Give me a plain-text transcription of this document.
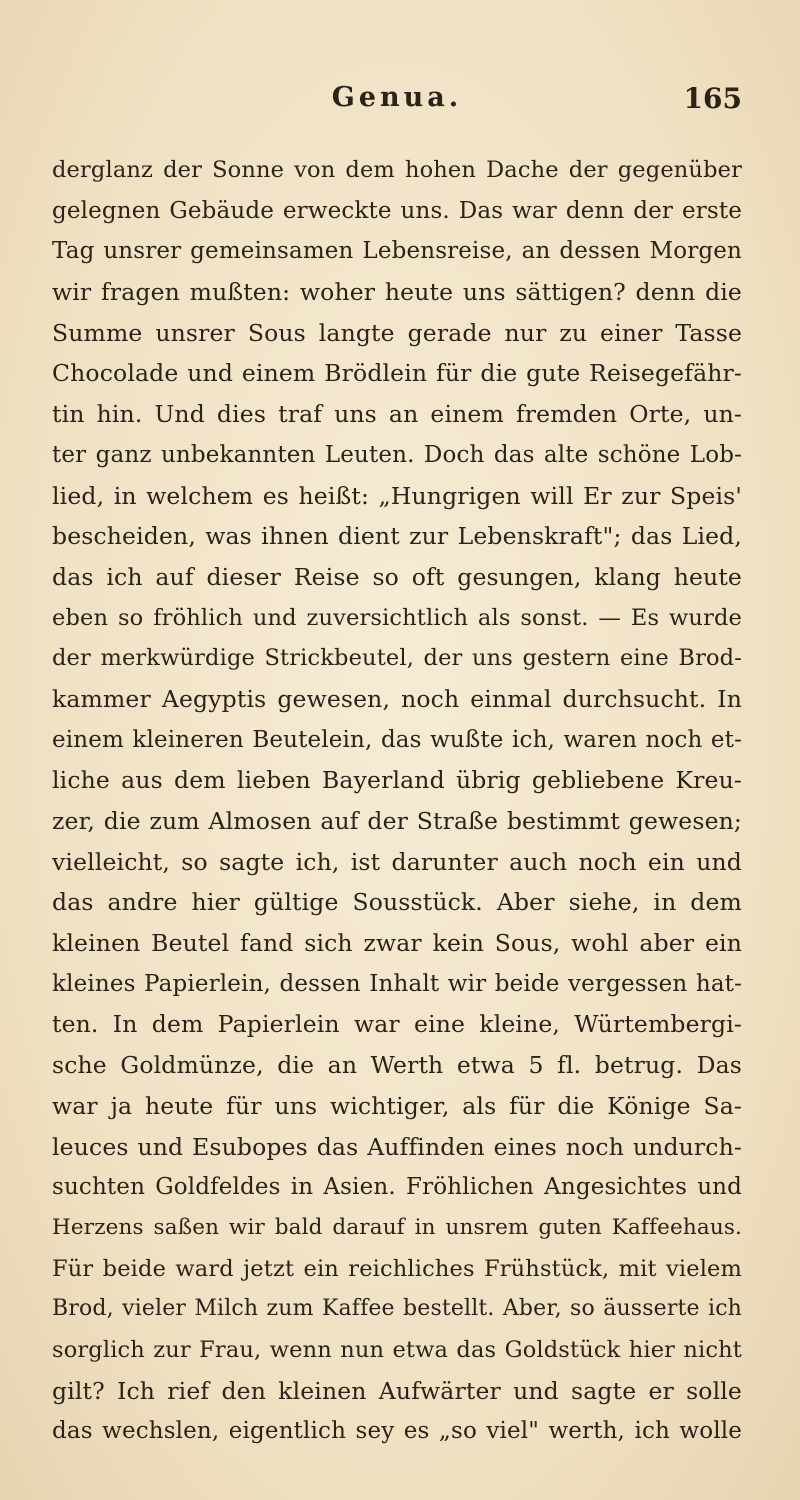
Genua.	165
derglanz der Sonne von dem hohen Dache der gegenüber
gelegnen Gebäude erweckte uns. Das war denn der erste
Tag unsrer gemeinsamen Lebensreise, an dessen Morgen
wir fragen mußten: woher heute uns sättigen? denn die
Summe unsrer Sous langte gerade nur zu einer Tasse
Chocolade und einem Brödlein für die gute Reisegefähr-
tin hin. Und dies traf uns an einem fremden Orte, un-
ter ganz unbekannten Leuten. Doch das alte schöne Lob-
lied, in welchem es heißt: „Hungrigen will Er zur Speis'
bescheiden, was ihnen dient zur Lebenskraft"; das Lied,
das ich auf dieser Reise so oft gesungen, klang heute
eben so fröhlich und zuversichtlich als sonst. — Es wurde
der merkwürdige Strickbeutel, der uns gestern eine Brod-
kammer Aegyptis gewesen, noch einmal durchsucht. In
einem kleineren Beutelein, das wußte ich, waren noch et-
liche aus dem lieben Bayerland übrig gebliebene Kreu-
zer, die zum Almosen auf der Straße bestimmt gewesen;
vielleicht, so sagte ich, ist darunter auch noch ein und
das andre hier gültige Sousstück. Aber siehe, in dem
kleinen Beutel fand sich zwar kein Sous, wohl aber ein
kleines Papierlein, dessen Inhalt wir beide vergessen hat-
ten. In dem Papierlein war eine kleine, Würtembergi-
sche Goldmünze, die an Werth etwa 5 fl. betrug. Das
war ja heute für uns wichtiger, als für die Könige Sa-
leuces und Esubopes das Auffinden eines noch undurch-
suchten Goldfeldes in Asien. Fröhlichen Angesichtes und
Herzens saßen wir bald darauf in unsrem guten Kaffeehaus.
Für beide ward jetzt ein reichliches Frühstück, mit vielem
Brod, vieler Milch zum Kaffee bestellt. Aber, so äusserte ich
sorglich zur Frau, wenn nun etwa das Goldstück hier nicht
gilt? Ich rief den kleinen Aufwärter und sagte er solle
das wechslen, eigentlich sey es „so viel" werth, ich wolle
